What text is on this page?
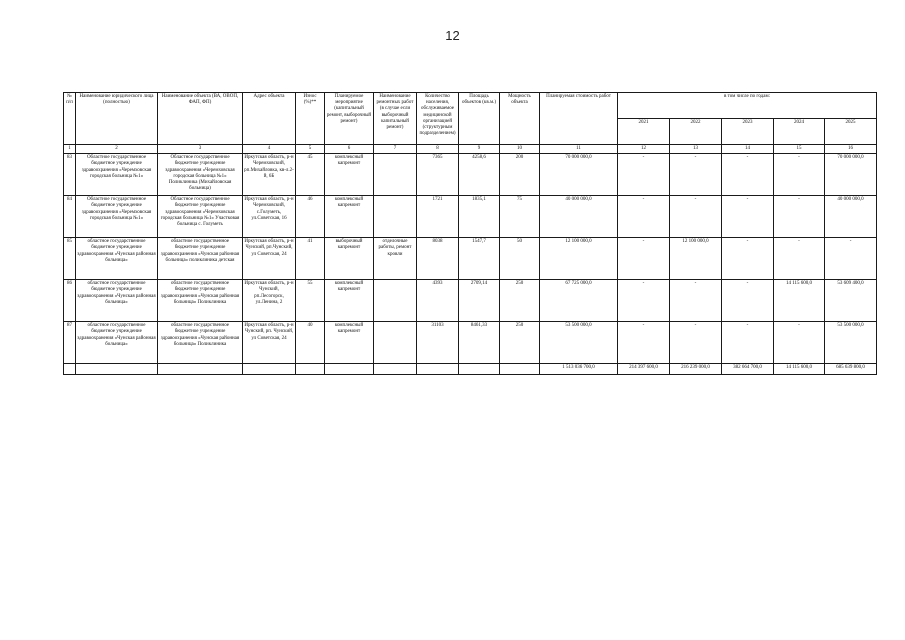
12
№ п/п	Наименование юридического лица (полностью)	Наименование объекта (ВА, ОВОП, ФАП, ФП)	Адрес объекта	Износ (%)**	Планируемое мероприятие (капитальный ремонт, выборочный ремонт)	Наименование ремонтных работ (в случае если выборочный капитальный ремонт)	Количество населения, обслуживаемое медицинской организацией (структурным подразделением)	Площадь объектов (кв.м.)	Мощность объекта	Планируемая стоимость работ	в том числе по годам:				
											2021	2022	2023	2024	2025
1	2	3	4	5	6	7	8	9	10	11	12	13	14	15	16
83	Областное государственное бюджетное учреждение здравоохранения «Черемховская городская больница №1»	Областное государственное бюджетное учреждение здравоохранения «Черемховская городская больница №1» Поликлиника (Михайловская больница)	Иркутская область, р-н Черемховский, рп.Михайловка, кв-л.2-й, 6Б	45	комплексный капремонт		7365	4258,6	200	70 000 000,0	-	-	-	-	70 000 000,0
84	Областное государственное бюджетное учреждение здравоохранения «Черемховская городская больница №1»	Областное государственное бюджетное учреждение здравоохранения «Черемховская городская больница №1» Участковая больница с. Голуметь	Иркутская область, р-н Черемховский, с.Голуметь, ул.Советская, 16	46	комплексный капремонт		1721	1835,1	75	40 000 000,0	-	-	-	-	40 000 000,0
85	областное государственное бюджетное учреждение здравоохранения «Чунская районная больница»	областное государственное бюджетное учреждение здравоохранения «Чунская районная больница» поликлиника детская	Иркутская область, р-н Чунский, рп.Чунский, ул Советская, 24	41	выборочный капремонт	отделочные работы, ремонт кровли	8038	1547,7	50	12 100 000,0	-	12 100 000,0	-	-	-
86	областное государственное бюджетное учреждение здравоохранения «Чунская районная больница»	областное государственное бюджетное учреждение здравоохранения «Чунская районная больница» Поликлиника	Иркутская область, р-н Чунский, рп.Лесогорск, ул.Ленина, 2	55	комплексный капремонт		4393	2709,14	250	67 725 000,0	-	-	-	14 115 600,0	53 609 400,0
87	областное государственное бюджетное учреждение здравоохранения «Чунская районная больница»	областное государственное бюджетное учреждение здравоохранения «Чунская районная больница» Поликлиника	Иркутская область, р-н Чунский, рп. Чунский, ул Советская, 24	40	комплексный капремонт		31103	8461,33	250	53 500 000,0	-	-	-	-	53 500 000,0
										1 513 036 700,0	214 397 600,0	216 239 000,0	382 664 700,0	14 115 600,0	685 639 800,0
